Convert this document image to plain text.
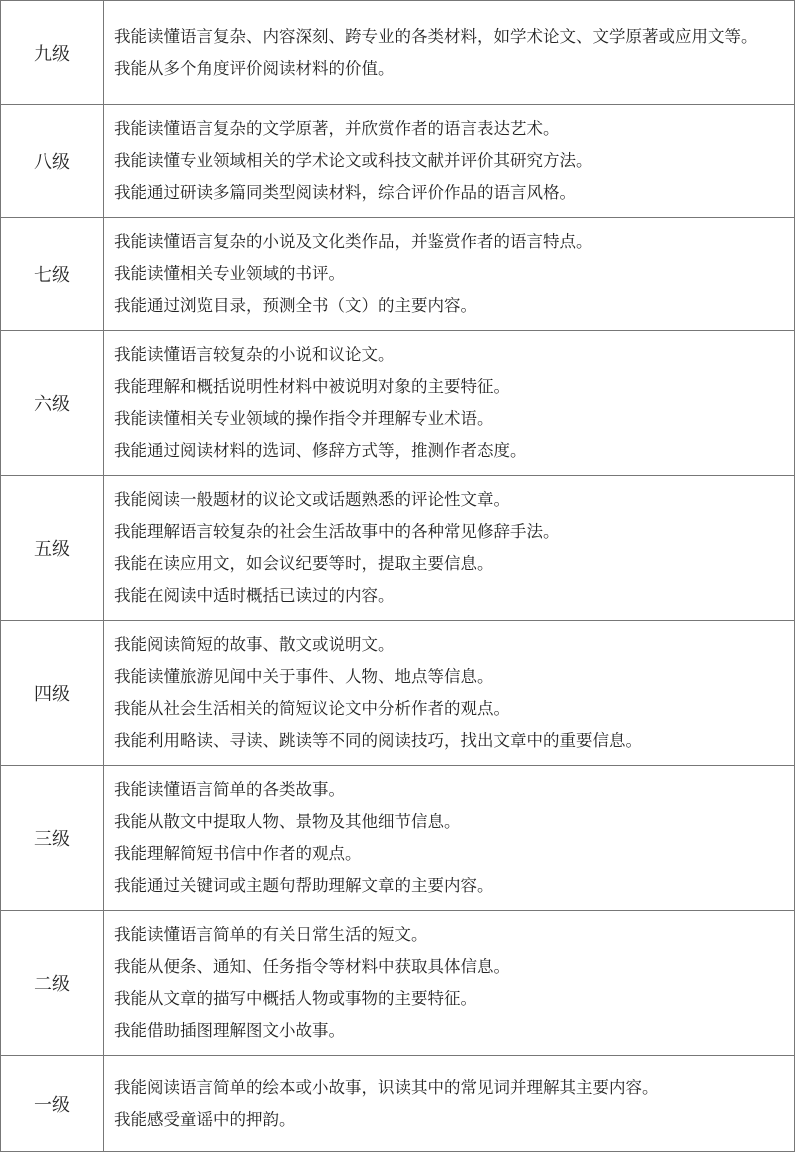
九级	我能读懂语言复杂、内容深刻、跨专业的各类材料，如学术论文、文学原著或应用文等。
我能从多个角度评价阅读材料的价值。

八级	我能读懂语言复杂的文学原著，并欣赏作者的语言表达艺术。
我能读懂专业领域相关的学术论文或科技文献并评价其研究方法。
我能通过研读多篇同类型阅读材料，综合评价作品的语言风格。

七级	我能读懂语言复杂的小说及文化类作品，并鉴赏作者的语言特点。
我能读懂相关专业领域的书评。
我能通过浏览目录，预测全书（文）的主要内容。

六级	我能读懂语言较复杂的小说和议论文。
我能理解和概括说明性材料中被说明对象的主要特征。
我能读懂相关专业领域的操作指令并理解专业术语。
我能通过阅读材料的选词、修辞方式等，推测作者态度。

五级	我能阅读一般题材的议论文或话题熟悉的评论性文章。
我能理解语言较复杂的社会生活故事中的各种常见修辞手法。
我能在读应用文，如会议纪要等时，提取主要信息。
我能在阅读中适时概括已读过的内容。

四级	我能阅读简短的故事、散文或说明文。
我能读懂旅游见闻中关于事件、人物、地点等信息。
我能从社会生活相关的简短议论文中分析作者的观点。
我能利用略读、寻读、跳读等不同的阅读技巧，找出文章中的重要信息。

三级	我能读懂语言简单的各类故事。
我能从散文中提取人物、景物及其他细节信息。
我能理解简短书信中作者的观点。
我能通过关键词或主题句帮助理解文章的主要内容。

二级	我能读懂语言简单的有关日常生活的短文。
我能从便条、通知、任务指令等材料中获取具体信息。
我能从文章的描写中概括人物或事物的主要特征。
我能借助插图理解图文小故事。

一级	我能阅读语言简单的绘本或小故事，识读其中的常见词并理解其主要内容。
我能感受童谣中的押韵。
